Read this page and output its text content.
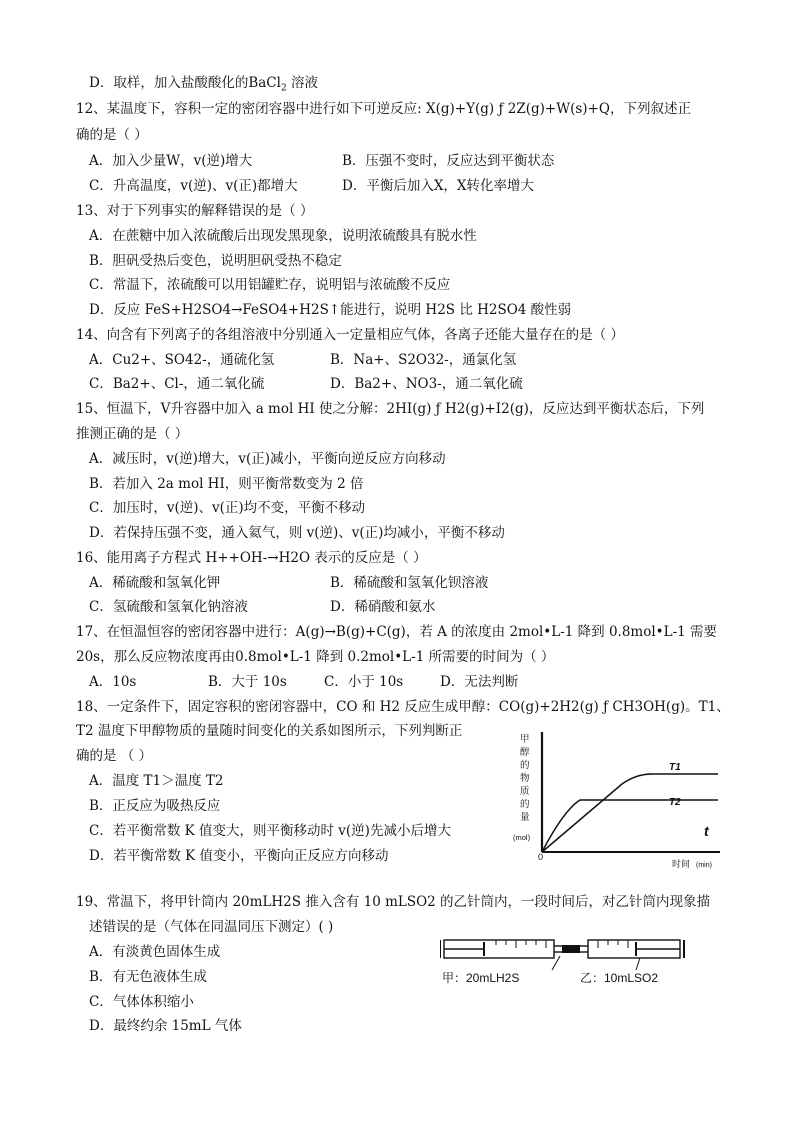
D．取样，加入盐酸酸化的BaCl$_2$ 溶液
12、某温度下，容积一定的密闭容器中进行如下可逆反应: X(g)+Y(g) ƒ 2Z(g)+W(s)+Q，下列叙述正
确的是（ ）
A．加入少量W，v(逆)增大	B．压强不变时，反应达到平衡状态
C．升高温度，v(逆)、v(正)都增大	D．平衡后加入X，X转化率增大
13、对于下列事实的解释错误的是（ ）
A．在蔗糖中加入浓硫酸后出现发黑现象，说明浓硫酸具有脱水性
B．胆矾受热后变色，说明胆矾受热不稳定
C．常温下，浓硫酸可以用铝罐贮存，说明铝与浓硫酸不反应
D．反应 FeS+H2SO4→FeSO4+H2S↑能进行，说明 H2S 比 H2SO4 酸性弱
14、向含有下列离子的各组溶液中分别通入一定量相应气体，各离子还能大量存在的是（ ）
A．Cu2+、SO42-，通硫化氢	B．Na+、S2O32-，通氯化氢
C．Ba2+、Cl-，通二氧化硫	D．Ba2+、NO3-，通二氧化硫
15、恒温下，V升容器中加入 a mol HI 使之分解：2HI(g) ƒ H2(g)+I2(g)，反应达到平衡状态后，下列
推测正确的是（ ）
A．减压时，v(逆)增大，v(正)减小，平衡向逆反应方向移动
B．若加入 2a mol HI，则平衡常数变为 2 倍
C．加压时，v(逆)、v(正)均不变，平衡不移动
D．若保持压强不变，通入氦气，则 v(逆)、v(正)均减小，平衡不移动
16、能用离子方程式 H++OH-→H2O 表示的反应是（ ）
A．稀硫酸和氢氧化钾	B．稀硫酸和氢氧化钡溶液
C．氢硫酸和氢氧化钠溶液	D．稀硝酸和氨水
17、在恒温恒容的密闭容器中进行：A(g)→B(g)+C(g)，若 A 的浓度由 2mol•L-1 降到 0.8mol•L-1 需要
20s，那么反应物浓度再由0.8mol•L-1 降到 0.2mol•L-1 所需要的时间为（ ）
A．10s	B．大于 10s	C．小于 10s	D．无法判断
18、一定条件下，固定容积的密闭容器中，CO 和 H2 反应生成甲醇：CO(g)+2H2(g) ƒ CH3OH(g)。T1、
T2 温度下甲醇物质的量随时间变化的关系如图所示，下列判断正
确的是 （ ）
A．温度 T1＞温度 T2
B．正反应为吸热反应
C．若平衡常数 K 值变大，则平衡移动时 v(逆)先减小后增大
D．若平衡常数 K 值变小，平衡向正反应方向移动
甲
醇
的
物
质
的
量
(mol)
0
t
时间 (min)
T1
T2
19、常温下，将甲针筒内 20mLH2S 推入含有 10 mLSO2 的乙针筒内，一段时间后，对乙针筒内现象描
述错误的是（气体在同温同压下测定）( )
A．有淡黄色固体生成
B．有无色液体生成
C．气体体积缩小
D．最终约余 15mL 气体
甲：20mLH2S	乙：10mLSO2
